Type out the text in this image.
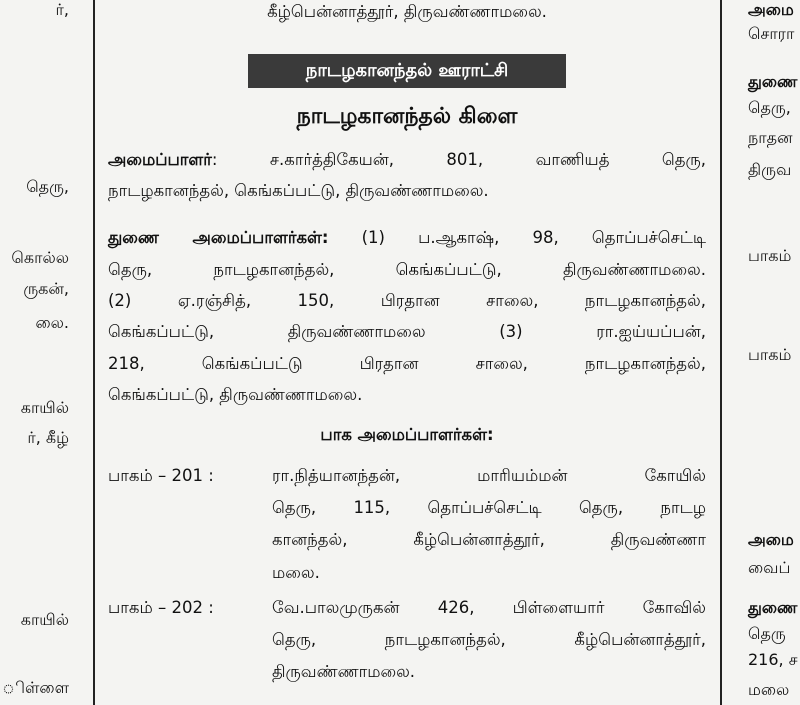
ர்,
தெரு,
கொல்ல
ருகன்,
லை.
காயில்
ர், கீழ்
காயில்
ிள்ளை
கீழ்பென்னாத்தூர், திருவண்ணாமலை.
நாடழகானந்தல் ஊராட்சி
நாடழகானந்தல் கிளை
அமைப்பாளர்: ச.கார்த்திகேயன், 801, வாணியத் தெரு,
நாடழகானந்தல், கெங்கப்பட்டு, திருவண்ணாமலை.
துணை அமைப்பாளர்கள்: (1) ப.ஆகாஷ், 98, தொப்பச்செட்டி
தெரு, நாடழகானந்தல், கெங்கப்பட்டு, திருவண்ணாமலை.
(2) ஏ.ரஞ்சித், 150, பிரதான சாலை, நாடழகானந்தல்,
கெங்கப்பட்டு, திருவண்ணாமலை (3) ரா.ஐய்யப்பன்,
218, கெங்கப்பட்டு பிரதான சாலை, நாடழகானந்தல்,
கெங்கப்பட்டு, திருவண்ணாமலை.
பாக அமைப்பாளர்கள்:
பாகம் – 201 :	ரா.நித்யானந்தன், மாரியம்மன் கோயில்
தெரு, 115, தொப்பச்செட்டி தெரு, நாடழ
கானந்தல், கீழ்பென்னாத்தூர், திருவண்ணா
மலை.
பாகம் – 202 :	வே.பாலமுருகன் 426, பிள்ளையார் கோவில்
தெரு, நாடழகானந்தல், கீழ்பென்னாத்தூர்,
திருவண்ணாமலை.
அமை
சொரா
துணை
தெரு,
நாதன
திருவ
பாகம்
பாகம்
அமை
வைப்
துணை
தெரு
216, ச
மலை
